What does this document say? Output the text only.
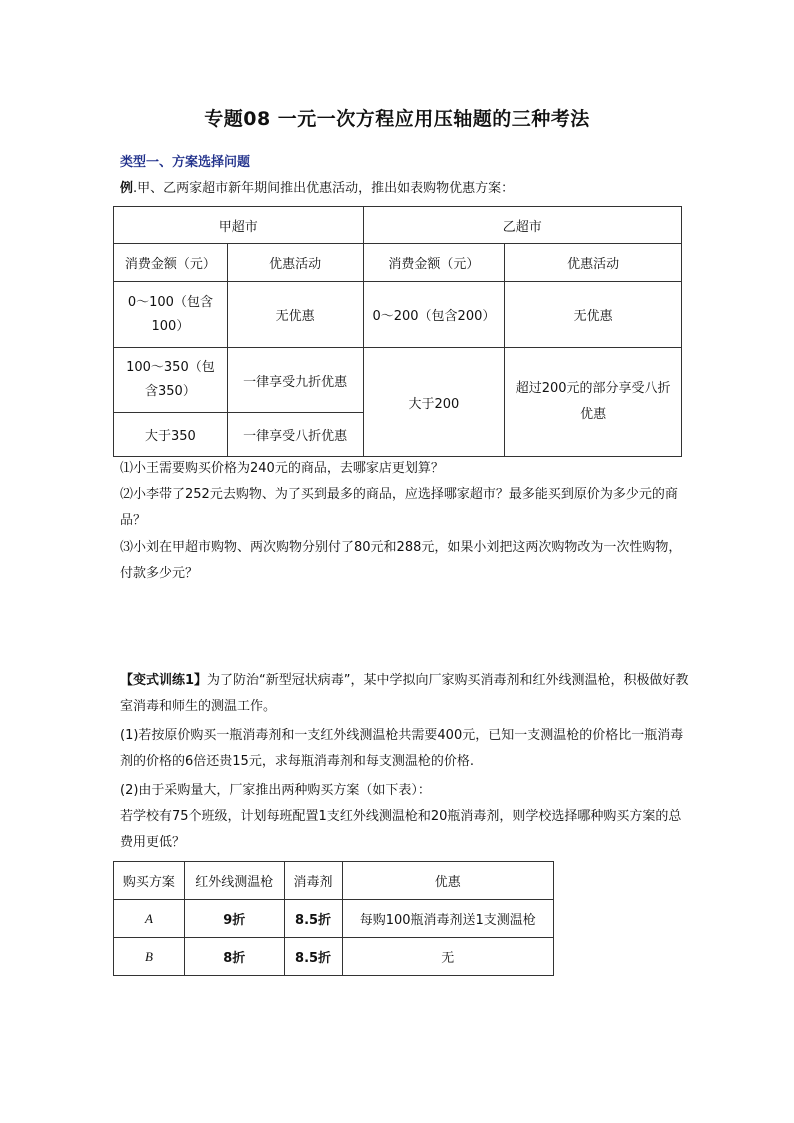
专题08 一元一次方程应用压轴题的三种考法
类型一、方案选择问题
例.甲、乙两家超市新年期间推出优惠活动，推出如表购物优惠方案：
甲超市		乙超市	
消费金额（元）	优惠活动	消费金额（元）	优惠活动
0～100（包含100）	无优惠	0～200（包含200）	无优惠
100～350（包含350）	一律享受九折优惠	大于200	超过200元的部分享受八折优惠
大于350	一律享受八折优惠		
⑴小王需要购买价格为240元的商品，去哪家店更划算？
⑵小李带了252元去购物、为了买到最多的商品，应选择哪家超市？最多能买到原价为多少元的商品？
⑶小刘在甲超市购物、两次购物分别付了80元和288元，如果小刘把这两次购物改为一次性购物，付款多少元？
【变式训练1】为了防治“新型冠状病毒”，某中学拟向厂家购买消毒剂和红外线测温枪，积极做好教室消毒和师生的测温工作。
(1)若按原价购买一瓶消毒剂和一支红外线测温枪共需要400元，已知一支测温枪的价格比一瓶消毒剂的价格的6倍还贵15元，求每瓶消毒剂和每支测温枪的价格.
(2)由于采购量大，厂家推出两种购买方案（如下表）：
若学校有75个班级，计划每班配置1支红外线测温枪和20瓶消毒剂，则学校选择哪种购买方案的总费用更低？
购买方案	红外线测温枪	消毒剂	优惠
A	9折	8.5折	每购100瓶消毒剂送1支测温枪
B	8折	8.5折	无
